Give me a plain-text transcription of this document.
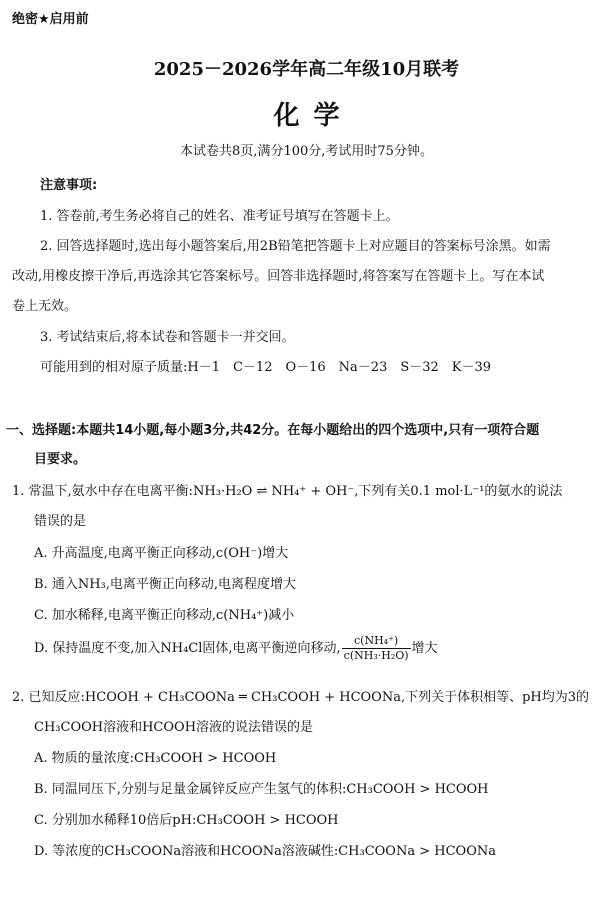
绝密★启用前
2025－2026学年高二年级10月联考
化学
本试卷共8页,满分100分,考试用时75分钟。
注意事项:
1. 答卷前,考生务必将自己的姓名、准考证号填写在答题卡上。
2. 回答选择题时,选出每小题答案后,用2B铅笔把答题卡上对应题目的答案标号涂黑。如需
改动,用橡皮擦干净后,再选涂其它答案标号。回答非选择题时,将答案写在答题卡上。写在本试
卷上无效。
3. 考试结束后,将本试卷和答题卡一并交回。
可能用到的相对原子质量:H－1　C－12　O－16　Na－23　S－32　K－39
一、选择题:本题共14小题,每小题3分,共42分。在每小题给出的四个选项中,只有一项符合题
目要求。
1. 常温下,氨水中存在电离平衡:NH₃·H₂O ⇌ NH₄⁺ + OH⁻,下列有关0.1 mol·L⁻¹的氨水的说法
错误的是
A. 升高温度,电离平衡正向移动,c(OH⁻)增大
B. 通入NH₃,电离平衡正向移动,电离程度增大
C. 加水稀释,电离平衡正向移动,c(NH₄⁺)减小
D. 保持温度不变,加入NH₄Cl固体,电离平衡逆向移动, $\frac{\text{c(NH₄⁺)}}{\text{c(NH₃·H₂O)}}$ 增大
2. 已知反应:HCOOH + CH₃COONa ═ CH₃COOH + HCOONa,下列关于体积相等、pH均为3的
CH₃COOH溶液和HCOOH溶液的说法错误的是
A. 物质的量浓度:CH₃COOH > HCOOH
B. 同温同压下,分别与足量金属锌反应产生氢气的体积:CH₃COOH > HCOOH
C. 分别加水稀释10倍后pH:CH₃COOH > HCOOH
D. 等浓度的CH₃COONa溶液和HCOONa溶液碱性:CH₃COONa > HCOONa
